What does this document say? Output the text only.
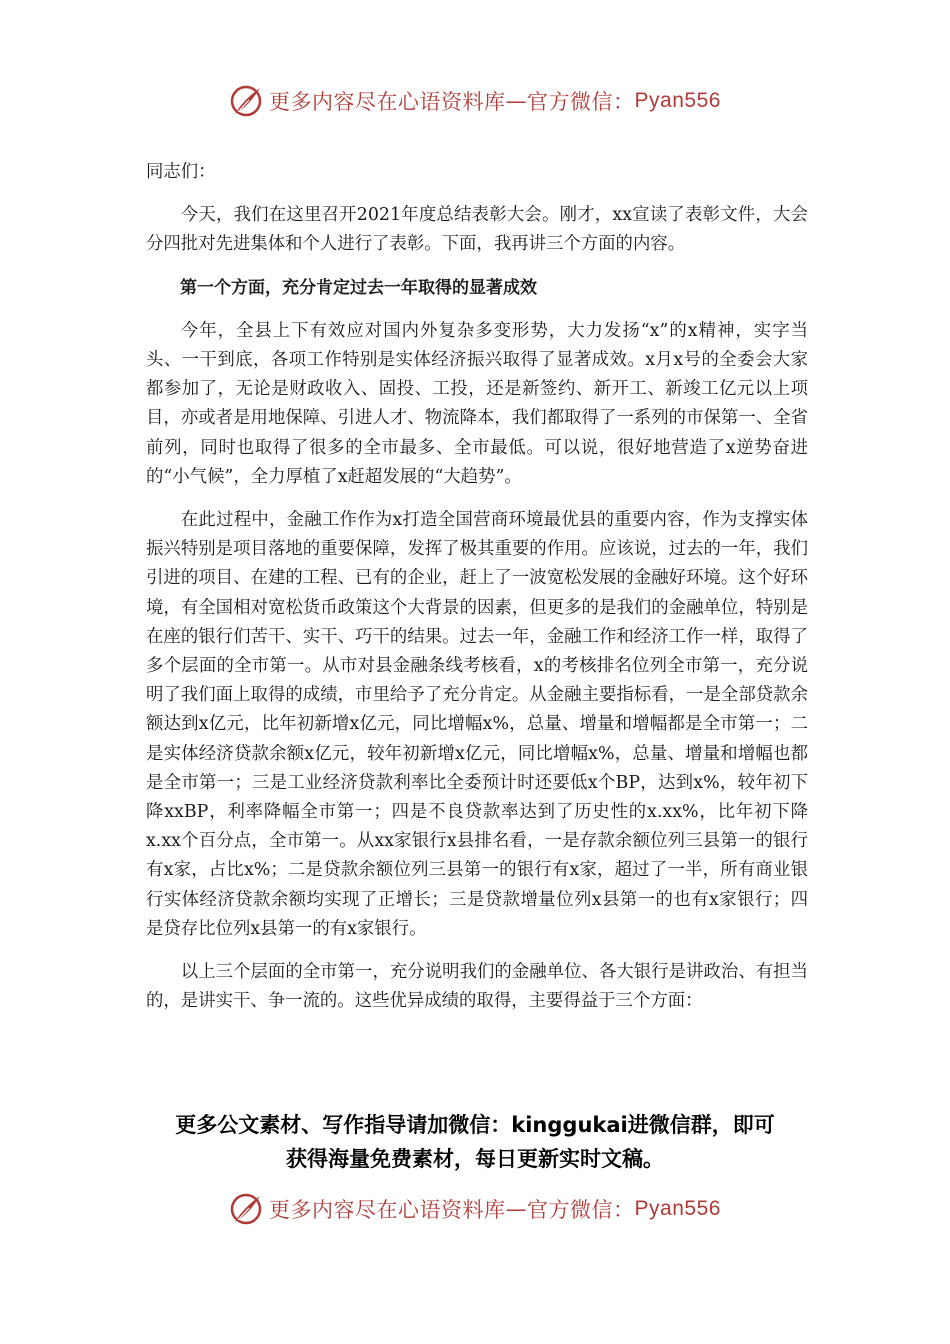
更多内容尽在心语资料库 — 官方微信： Pyan556

同志们：

今天，我们在这里召开2021年度总结表彰大会。刚才，xx宣读了表彰文件，大会分四批对先进集体和个人进行了表彰。下面，我再讲三个方面的内容。

第一个方面，充分肯定过去一年取得的显著成效

今年，全县上下有效应对国内外复杂多变形势，大力发扬“x”的x精神，实字当头、一干到底，各项工作特别是实体经济振兴取得了显著成效。x月x号的全委会大家都参加了，无论是财政收入、固投、工投，还是新签约、新开工、新竣工亿元以上项目，亦或者是用地保障、引进人才、物流降本，我们都取得了一系列的市保第一、全省前列，同时也取得了很多的全市最多、全市最低。可以说，很好地营造了x逆势奋进的“小气候”，全力厚植了x赶超发展的“大趋势”。

在此过程中，金融工作作为x打造全国营商环境最优县的重要内容，作为支撑实体振兴特别是项目落地的重要保障，发挥了极其重要的作用。应该说，过去的一年，我们引进的项目、在建的工程、已有的企业，赶上了一波宽松发展的金融好环境。这个好环境，有全国相对宽松货币政策这个大背景的因素，但更多的是我们的金融单位，特别是在座的银行们苦干、实干、巧干的结果。过去一年，金融工作和经济工作一样，取得了多个层面的全市第一。从市对县金融条线考核看，x的考核排名位列全市第一，充分说明了我们面上取得的成绩，市里给予了充分肯定。从金融主要指标看，一是全部贷款余额达到x亿元，比年初新增x亿元，同比增幅x%，总量、增量和增幅都是全市第一；二是实体经济贷款余额x亿元，较年初新增x亿元，同比增幅x%，总量、增量和增幅也都是全市第一；三是工业经济贷款利率比全委预计时还要低x个BP，达到x%，较年初下降xxBP，利率降幅全市第一；四是不良贷款率达到了历史性的x.xx%，比年初下降x.xx个百分点，全市第一。从xx家银行x县排名看，一是存款余额位列三县第一的银行有x家，占比x%；二是贷款余额位列三县第一的银行有x家，超过了一半，所有商业银行实体经济贷款余额均实现了正增长；三是贷款增量位列x县第一的也有x家银行；四是贷存比位列x县第一的有x家银行。

以上三个层面的全市第一，充分说明我们的金融单位、各大银行是讲政治、有担当的，是讲实干、争一流的。这些优异成绩的取得，主要得益于三个方面：

更多公文素材、写作指导请加微信：kinggukai进微信群，即可
获得海量免费素材，每日更新实时文稿。
更多内容尽在心语资料库 — 官方微信： Pyan556
